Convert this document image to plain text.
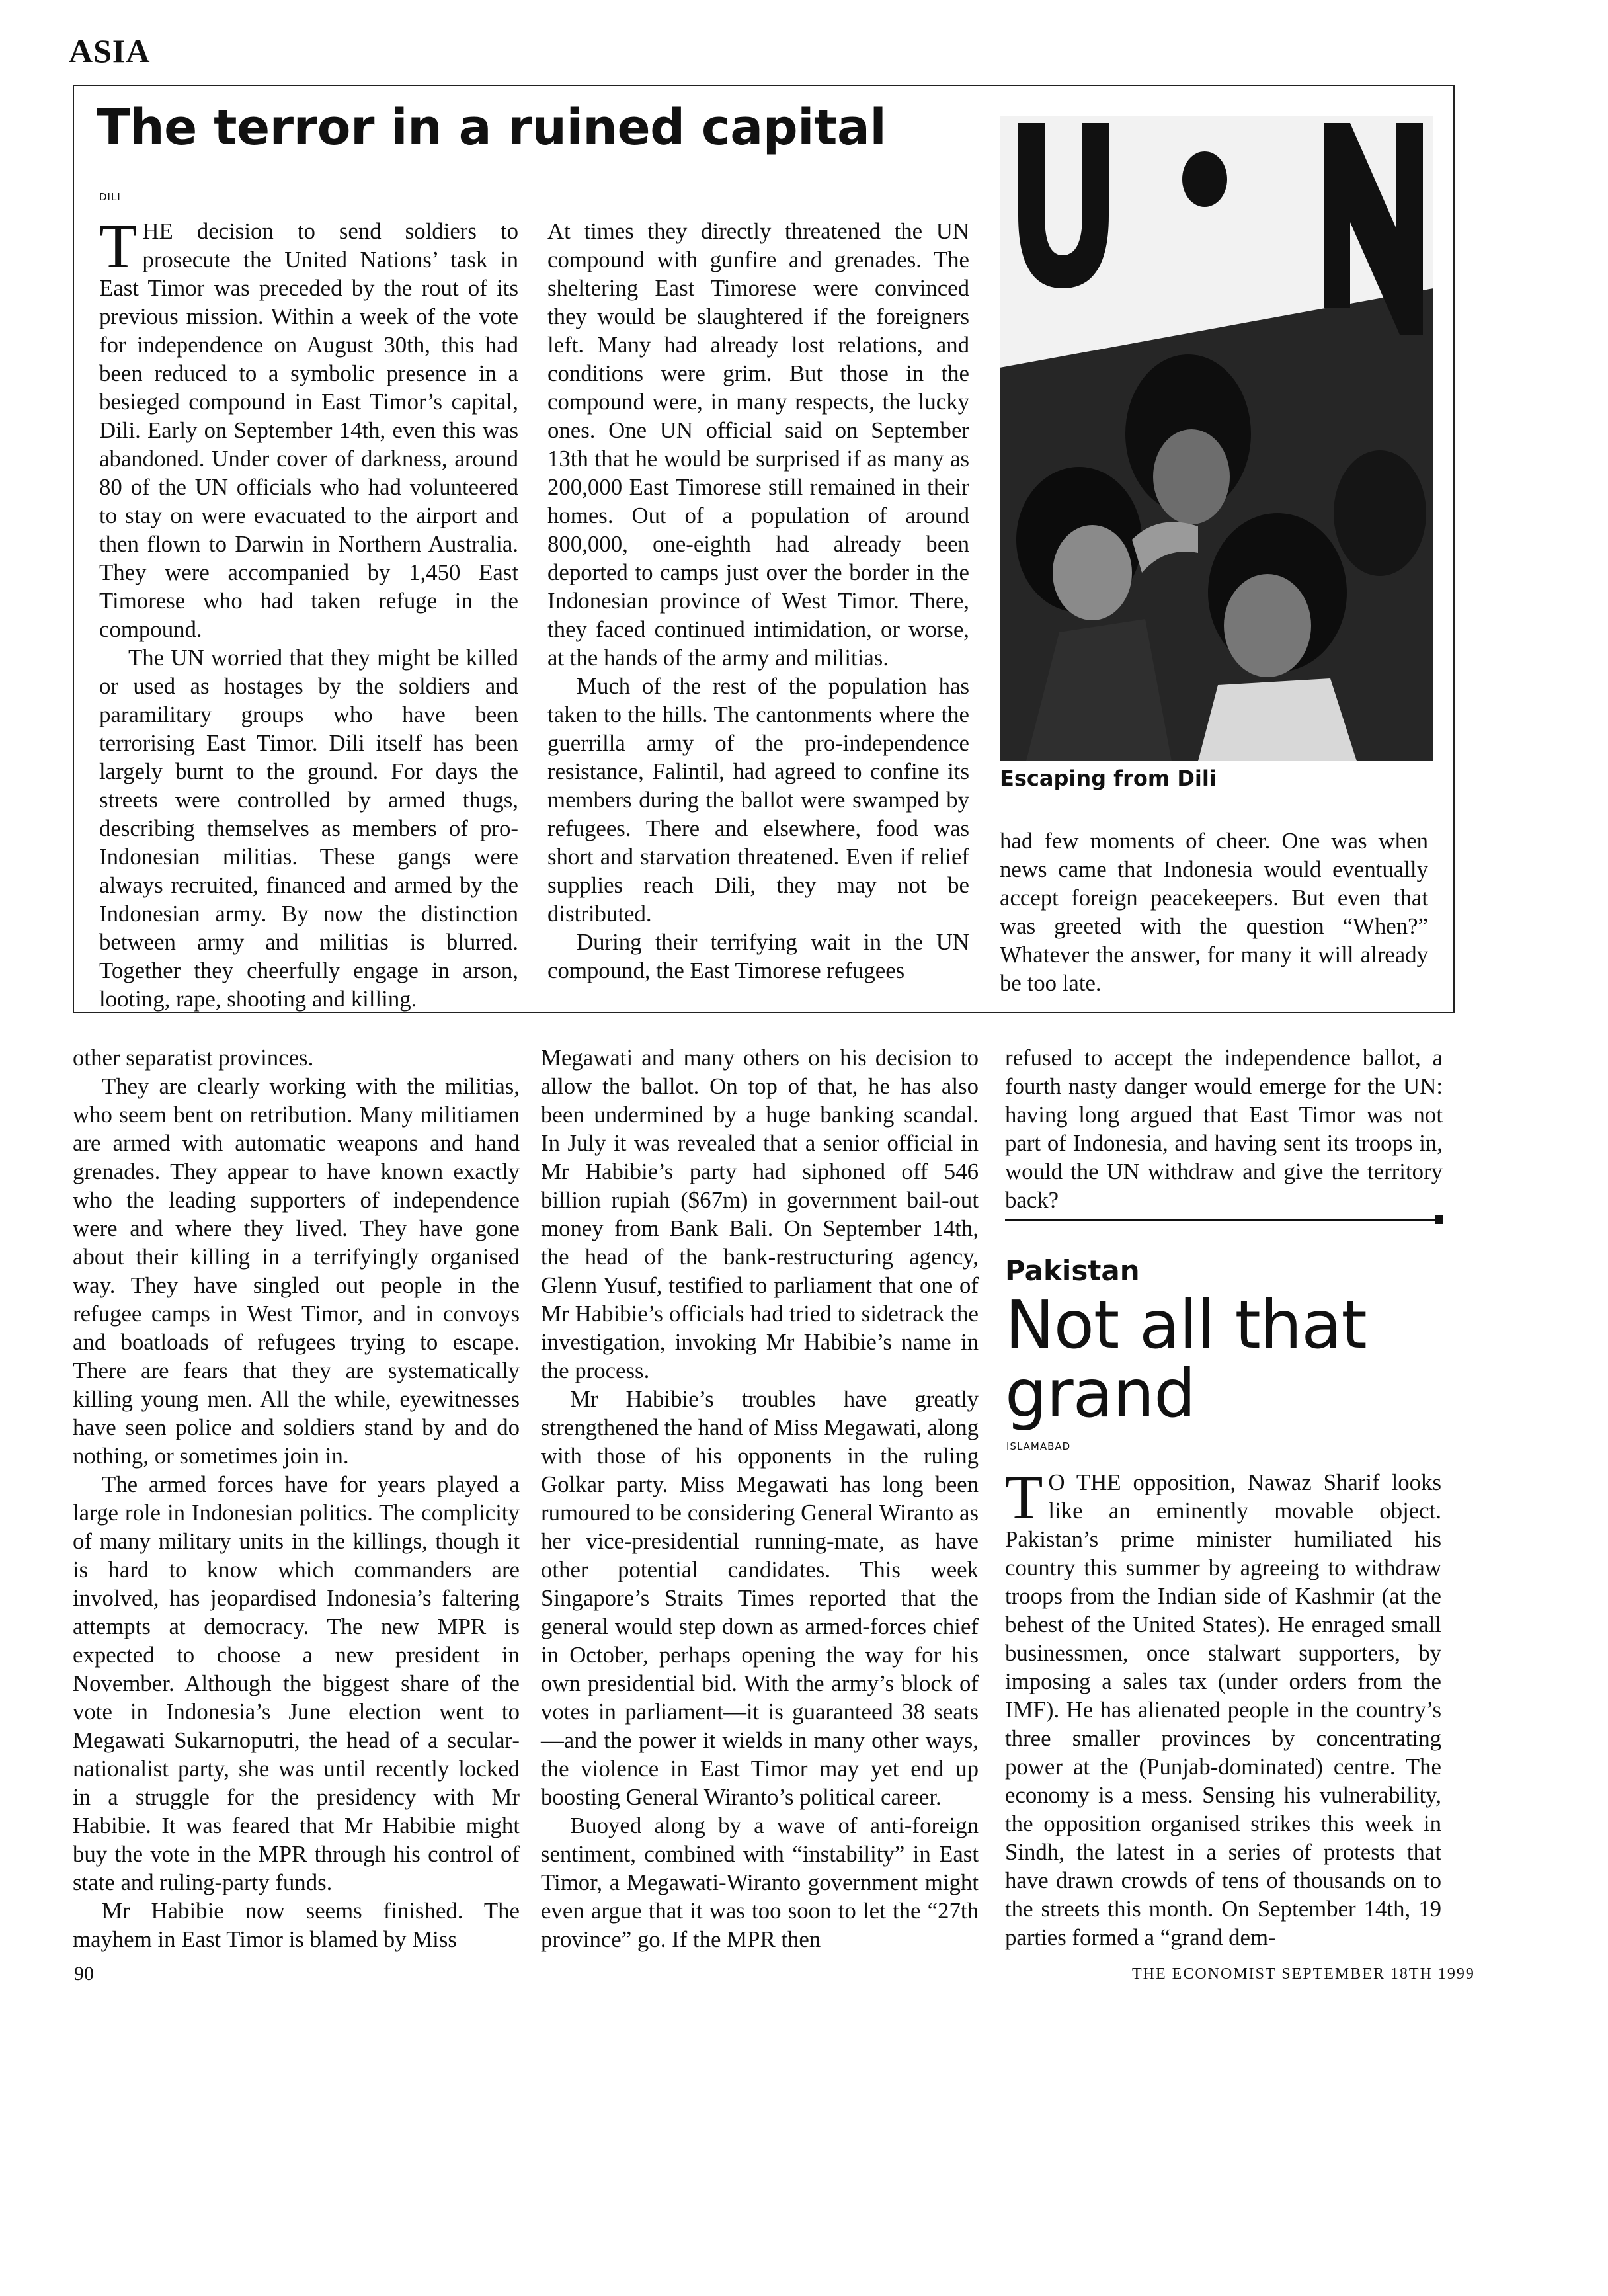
ASIA
The terror in a ruined capital
DILI

THE decision to send soldiers to prosecute the United Nations’ task in East Timor was preceded by the rout of its previous mission. Within a week of the vote for independence on August 30th, this had been reduced to a symbolic presence in a besieged compound in East Timor’s capital, Dili. Early on September 14th, even this was abandoned. Under cover of darkness, around 80 of the UN officials who had volunteered to stay on were evacuated to the airport and then flown to Darwin in Northern Australia. They were accompanied by 1,450 East Timorese who had taken refuge in the compound.

The UN worried that they might be killed or used as hostages by the soldiers and paramilitary groups who have been terrorising East Timor. Dili itself has been largely burnt to the ground. For days the streets were controlled by armed thugs, describing themselves as members of pro-Indonesian militias. These gangs were always recruited, financed and armed by the Indonesian army. By now the distinction between army and militias is blurred. Together they cheerfully engage in arson, looting, rape, shooting and killing.

At times they directly threatened the UN compound with gunfire and grenades. The sheltering East Timorese were convinced they would be slaughtered if the foreigners left. Many had already lost relations, and conditions were grim. But those in the compound were, in many respects, the lucky ones. One UN official said on September 13th that he would be surprised if as many as 200,000 East Timorese still remained in their homes. Out of a population of around 800,000, one-eighth had already been deported to camps just over the border in the Indonesian province of West Timor. There, they faced continued intimidation, or worse, at the hands of the army and militias.

Much of the rest of the population has taken to the hills. The cantonments where the guerrilla army of the pro-independence resistance, Falintil, had agreed to confine its members during the ballot were swamped by refugees. There and elsewhere, food was short and starvation threatened. Even if relief supplies reach Dili, they may not be distributed.

During their terrifying wait in the UN compound, the East Timorese refugees

U • N
Escaping from Dili

had few moments of cheer. One was when news came that Indonesia would eventually accept foreign peacekeepers. But even that was greeted with the question “When?” Whatever the answer, for many it will already be too late.

other separatist provinces.

They are clearly working with the militias, who seem bent on retribution. Many militiamen are armed with automatic weapons and hand grenades. They appear to have known exactly who the leading supporters of independence were and where they lived. They have gone about their killing in a terrifyingly organised way. They have singled out people in the refugee camps in West Timor, and in convoys and boatloads of refugees trying to escape. There are fears that they are systematically killing young men. All the while, eyewitnesses have seen police and soldiers stand by and do nothing, or sometimes join in.

The armed forces have for years played a large role in Indonesian politics. The complicity of many military units in the killings, though it is hard to know which commanders are involved, has jeopardised Indonesia’s faltering attempts at democracy. The new MPR is expected to choose a new president in November. Although the biggest share of the vote in Indonesia’s June election went to Megawati Sukarnoputri, the head of a secular-nationalist party, she was until recently locked in a struggle for the presidency with Mr Habibie. It was feared that Mr Habibie might buy the vote in the MPR through his control of state and ruling-party funds.

Mr Habibie now seems finished. The mayhem in East Timor is blamed by Miss

Megawati and many others on his decision to allow the ballot. On top of that, he has also been undermined by a huge banking scandal. In July it was revealed that a senior official in Mr Habibie’s party had siphoned off 546 billion rupiah ($67m) in government bail-out money from Bank Bali. On September 14th, the head of the bank-restructuring agency, Glenn Yusuf, testified to parliament that one of Mr Habibie’s officials had tried to sidetrack the investigation, invoking Mr Habibie’s name in the process.

Mr Habibie’s troubles have greatly strengthened the hand of Miss Megawati, along with those of his opponents in the ruling Golkar party. Miss Megawati has long been rumoured to be considering General Wiranto as her vice-presidential running-mate, as have other potential candidates. This week Singapore’s Straits Times reported that the general would step down as armed-forces chief in October, perhaps opening the way for his own presidential bid. With the army’s block of votes in parliament—it is guaranteed 38 seats—and the power it wields in many other ways, the violence in East Timor may yet end up boosting General Wiranto’s political career.

Buoyed along by a wave of anti-foreign sentiment, combined with “instability” in East Timor, a Megawati-Wiranto government might even argue that it was too soon to let the “27th province” go. If the MPR then

refused to accept the independence ballot, a fourth nasty danger would emerge for the UN: having long argued that East Timor was not part of Indonesia, and having sent its troops in, would the UN withdraw and give the territory back?

Pakistan
Not all that grand
ISLAMABAD

TO THE opposition, Nawaz Sharif looks like an eminently movable object. Pakistan’s prime minister humiliated his country this summer by agreeing to withdraw troops from the Indian side of Kashmir (at the behest of the United States). He enraged small businessmen, once stalwart supporters, by imposing a sales tax (under orders from the IMF). He has alienated people in the country’s three smaller provinces by concentrating power at the (Punjab-dominated) centre. The economy is a mess. Sensing his vulnerability, the opposition organised strikes this week in Sindh, the latest in a series of protests that have drawn crowds of tens of thousands on to the streets this month. On September 14th, 19 parties formed a “grand dem-

90	THE ECONOMIST SEPTEMBER 18TH 1999
